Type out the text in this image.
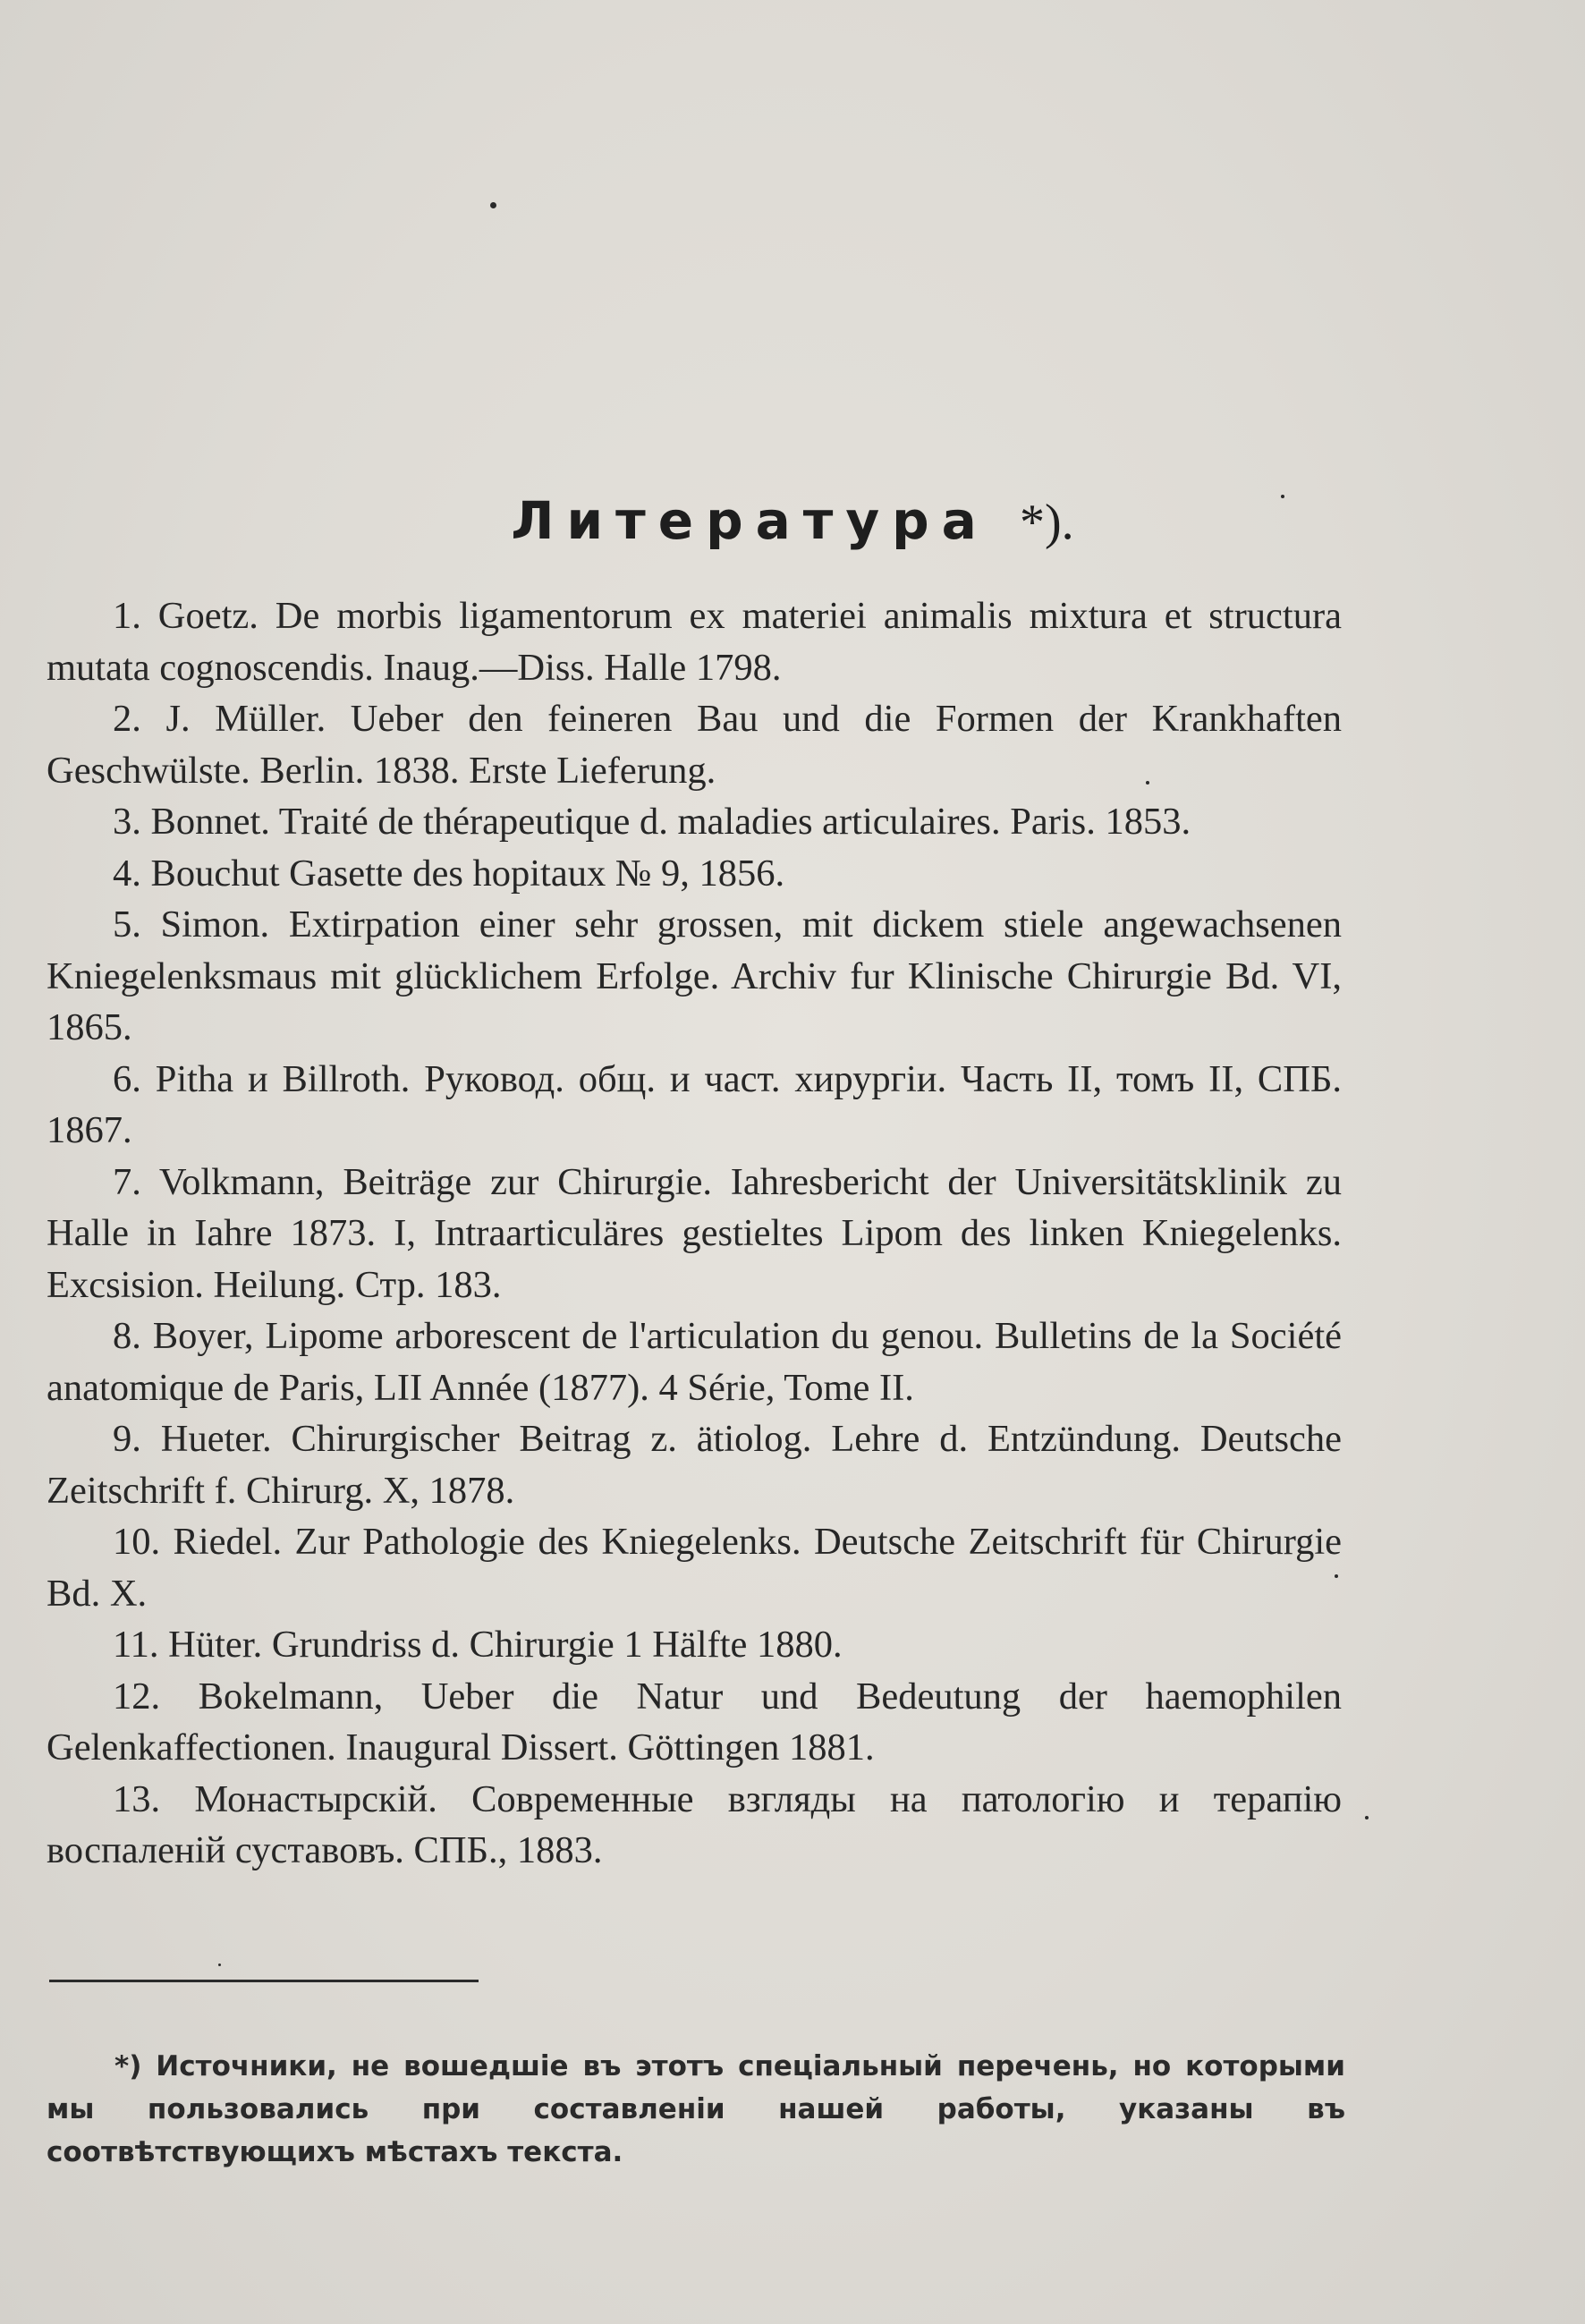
Литература *).

1. Goetz. De morbis ligamentorum ex materiei animalis mixtura et structura mutata cognoscendis. Inaug.—Diss. Halle 1798.

2. J. Müller. Ueber den feineren Bau und die Formen der Krankhaften Geschwülste. Berlin. 1838. Erste Lieferung.

3. Bonnet. Traité de thérapeutique d. maladies articulaires. Paris. 1853.

4. Bouchut Gasette des hopitaux № 9, 1856.

5. Simon. Extirpation einer sehr grossen, mit dickem stiele angewachsenen Kniegelenksmaus mit glücklichem Erfolge. Archiv fur Klinische Chirurgie Bd. VI, 1865.

6. Pitha и Billroth. Руковод. общ. и част. хирургіи. Часть II, томъ II, СПБ. 1867.

7. Volkmann, Beiträge zur Chirurgie. Iahresbericht der Universitätsklinik zu Halle in Iahre 1873. I, Intraarticuläres gestieltes Lipom des linken Kniegelenks. Excsision. Heilung. Стр. 183.

8. Boyer, Lipome arborescent de l'articulation du genou. Bulletins de la Société anatomique de Paris, LII Année (1877). 4 Série, Tome II.

9. Hueter. Chirurgischer Beitrag z. ätiolog. Lehre d. Entzündung. Deutsche Zeitschrift f. Chirurg. X, 1878.

10. Riedel. Zur Pathologie des Kniegelenks. Deutsche Zeitschrift für Chirurgie Bd. X.

11. Hüter. Grundriss d. Chirurgie 1 Hälfte 1880.

12. Bokelmann, Ueber die Natur und Bedeutung der haemophilen Gelenkaffectionen. Inaugural Dissert. Göttingen 1881.

13. Монастырскій. Современные взгляды на патологію и терапію воспаленій суставовъ. СПБ., 1883.

*) Источники, не вошедшіе въ этотъ спеціальный перечень, но которыми мы пользовались при составленіи нашей работы, указаны въ соотвѣтствующихъ мѣстахъ текста.
